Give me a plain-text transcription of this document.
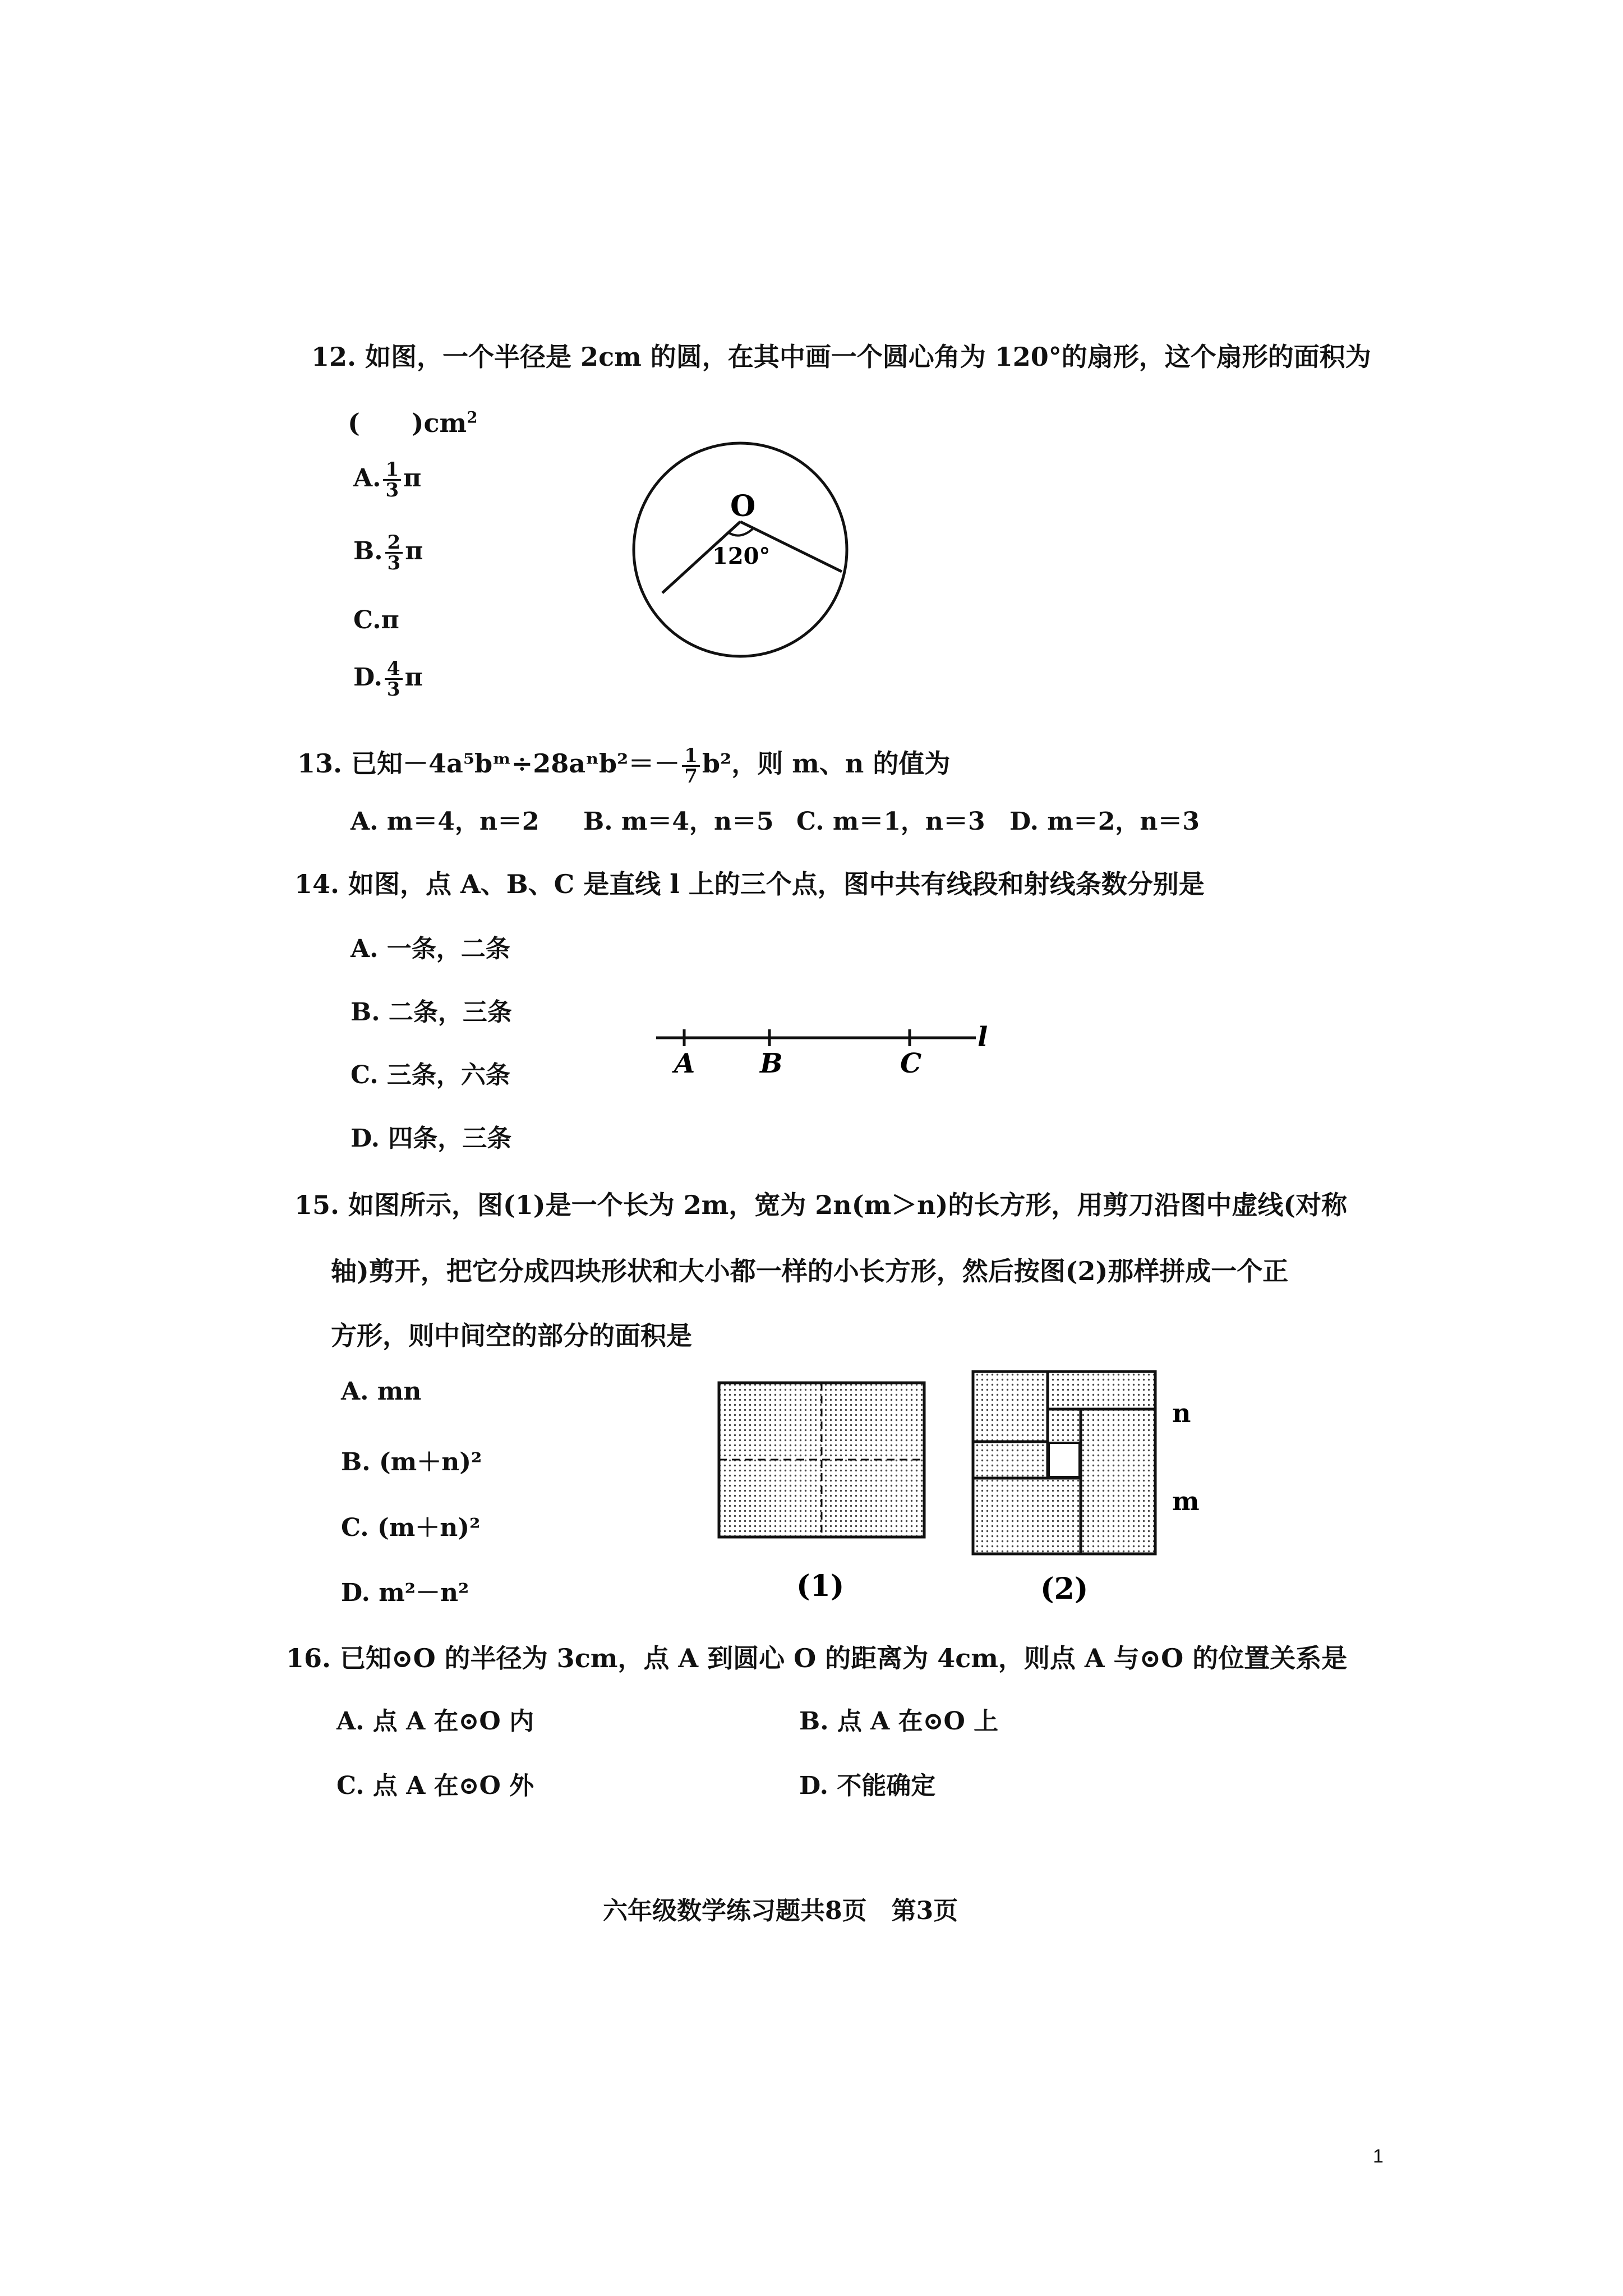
12. 如图，一个半径是 2cm 的圆，在其中画一个圆心角为 120°的扇形，这个扇形的面积为
(　　)$cm^2$
A. $\frac{1}{3}$ π
B. $\frac{2}{3}$ π
C.π
D. $\frac{4}{3}$ π
O
120°
13. 已知－4a⁵bᵐ÷28aⁿb²＝－ $\frac{1}{7} b^2$，则 m、n 的值为
A. m＝4，n＝2 B. m＝4，n＝5 C. m＝1，n＝3 D. m＝2，n＝3
14. 如图，点 A、B、C 是直线 l 上的三个点，图中共有线段和射线条数分别是
A. 一条，二条
B. 二条，三条
C. 三条，六条
D. 四条，三条
A B	C
l
15. 如图所示，图(1)是一个长为 2m，宽为 2n(m＞n)的长方形，用剪刀沿图中虚线(对称
轴)剪开，把它分成四块形状和大小都一样的小长方形，然后按图(2)那样拼成一个正
方形，则中间空的部分的面积是
A. mn
B. (m＋n)²
C. (m＋n)²
D. m²－n²	(1)
n
m
(2)
16. 已知⊙O 的半径为 3cm，点 A 到圆心 O 的距离为 4cm，则点 A 与⊙O 的位置关系是
A. 点 A 在⊙O 内	B. 点 A 在⊙O 上
C. 点 A 在⊙O 外	D. 不能确定
六年级数学练习题共8页　第3页
1
